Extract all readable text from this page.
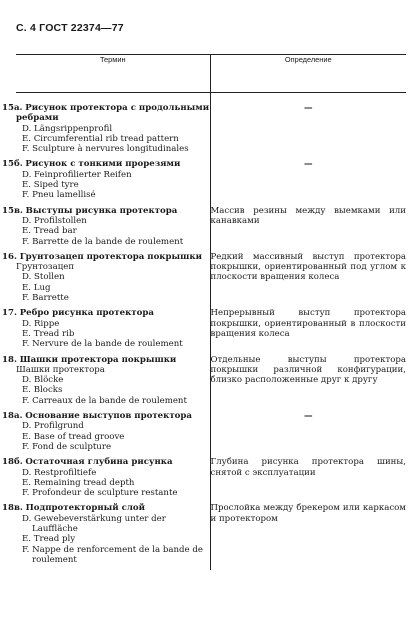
С. 4 ГОСТ 22374—77
Термин	Определение

15а. Рисунок протектора с продольными ребрами
D. Längsrippenprofil
E. Circumferential rib tread pattern
F. Sculpture à nervures longitudinales	—

15б. Рисунок с тонкими прорезями
D. Feinprofilierter Reifen
E. Siped tyre
F. Pneu lamellisé	—

15в. Выступы рисунка протектора
D. Profilstollen
E. Tread bar
F. Barrette de la bande de roulement	Массив резины между выемками или канавками

16. Грунтозацеп протектора покрышки
Грунтозацеп
D. Stollen
E. Lug
F. Barrette	Редкий массивный выступ протектора покрышки, ориентированный под углом к плоскости вращения колеса

17. Ребро рисунка протектора
D. Rippe
E. Tread rib
F. Nervure de la bande de roulement	Непрерывный выступ протектора покрышки, ориентированный в плоскости вращения колеса

18. Шашки протектора покрышки
Шашки протектора
D. Blöcke
E. Blocks
F. Carreaux de la bande de roulement	Отдельные выступы протектора покрышки различной конфигурации, близко расположенные друг к другу

18а. Основание выступов протектора
D. Profilgrund
E. Base of tread groove
F. Fond de sculpture	—

18б. Остаточная глубина рисунка
D. Restprofiltiefe
E. Remaining tread depth
F. Profondeur de sculpture restante	Глубина рисунка протектора шины, снятой с эксплуатации

18в. Подпротекторный слой
D. Gewebeverstärkung unter der Lauffläche
E. Tread ply
F. Nappe de renforcement de la bande de roulement	Прослойка между брекером или каркасом и протектором
